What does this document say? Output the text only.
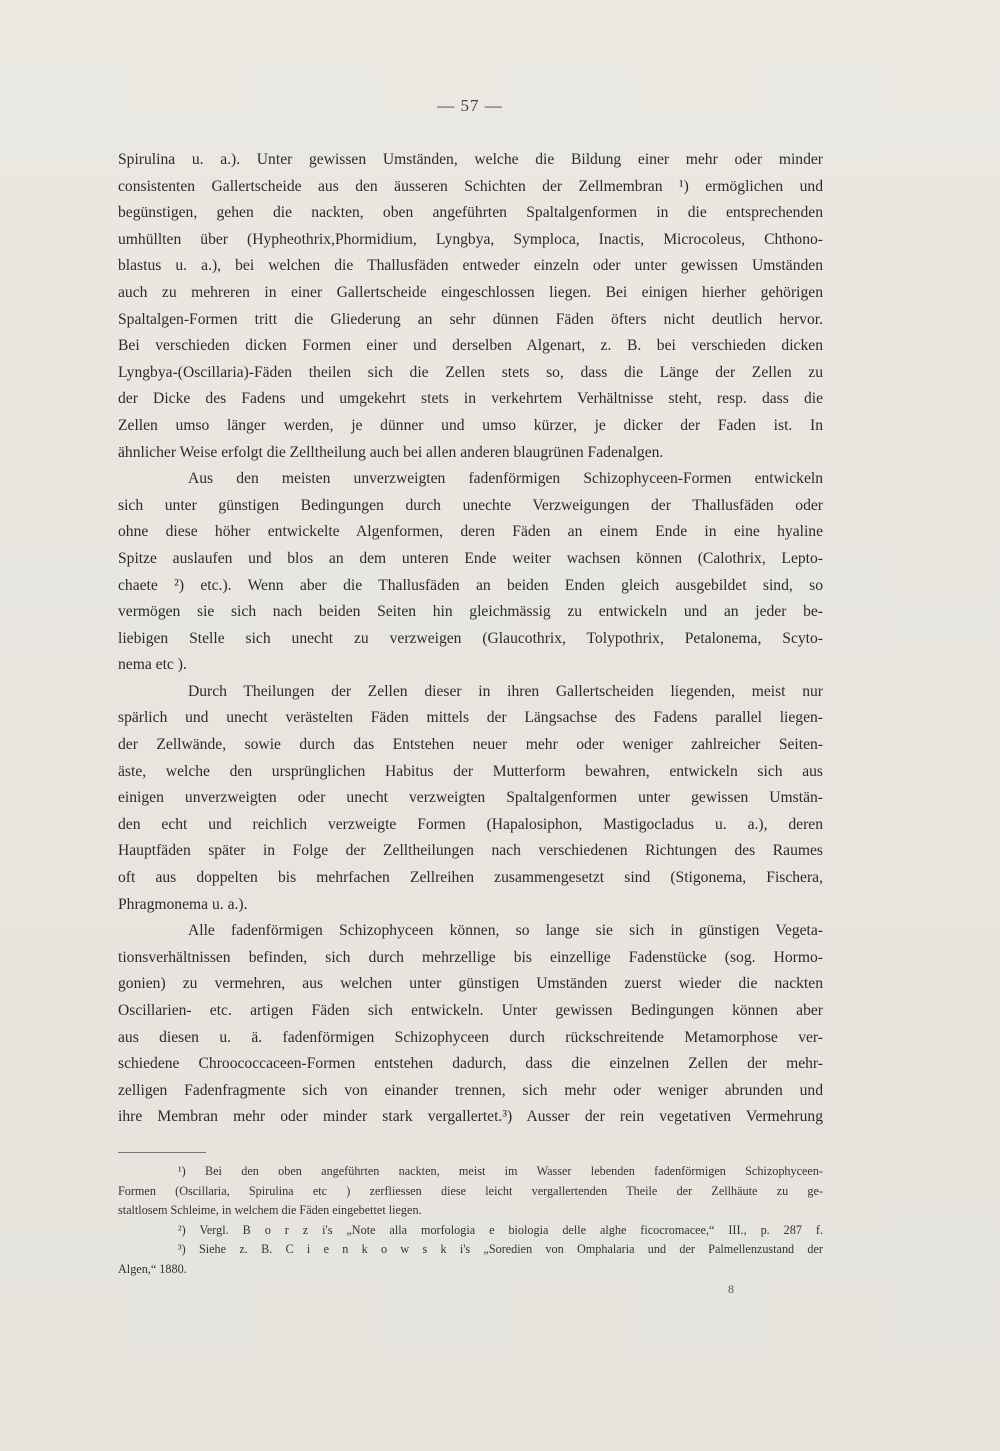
— 57 —
Spirulina u. a.). Unter gewissen Umständen, welche die Bildung einer mehr oder minder
consistenten Gallertscheide aus den äusseren Schichten der Zellmembran ¹) ermöglichen und
begünstigen, gehen die nackten, oben angeführten Spaltalgenformen in die entsprechenden
umhüllten über (Hypheothrix,Phormidium, Lyngbya, Symploca, Inactis, Microcoleus, Chthono-
blastus u. a.), bei welchen die Thallusfäden entweder einzeln oder unter gewissen Umständen
auch zu mehreren in einer Gallertscheide eingeschlossen liegen. Bei einigen hierher gehörigen
Spaltalgen-Formen tritt die Gliederung an sehr dünnen Fäden öfters nicht deutlich hervor.
Bei verschieden dicken Formen einer und derselben Algenart, z. B. bei verschieden dicken
Lyngbya-(Oscillaria)-Fäden theilen sich die Zellen stets so, dass die Länge der Zellen zu
der Dicke des Fadens und umgekehrt stets in verkehrtem Verhältnisse steht, resp. dass die
Zellen umso länger werden, je dünner und umso kürzer, je dicker der Faden ist. In
ähnlicher Weise erfolgt die Zelltheilung auch bei allen anderen blaugrünen Fadenalgen.
Aus den meisten unverzweigten fadenförmigen Schizophyceen-Formen entwickeln
sich unter günstigen Bedingungen durch unechte Verzweigungen der Thallusfäden oder
ohne diese höher entwickelte Algenformen, deren Fäden an einem Ende in eine hyaline
Spitze auslaufen und blos an dem unteren Ende weiter wachsen können (Calothrix, Lepto-
chaete ²) etc.). Wenn aber die Thallusfäden an beiden Enden gleich ausgebildet sind, so
vermögen sie sich nach beiden Seiten hin gleichmässig zu entwickeln und an jeder be-
liebigen Stelle sich unecht zu verzweigen (Glaucothrix, Tolypothrix, Petalonema, Scyto-
nema etc ).
Durch Theilungen der Zellen dieser in ihren Gallertscheiden liegenden, meist nur
spärlich und unecht verästelten Fäden mittels der Längsachse des Fadens parallel liegen-
der Zellwände, sowie durch das Entstehen neuer mehr oder weniger zahlreicher Seiten-
äste, welche den ursprünglichen Habitus der Mutterform bewahren, entwickeln sich aus
einigen unverzweigten oder unecht verzweigten Spaltalgenformen unter gewissen Umstän-
den echt und reichlich verzweigte Formen (Hapalosiphon, Mastigocladus u. a.), deren
Hauptfäden später in Folge der Zelltheilungen nach verschiedenen Richtungen des Raumes
oft aus doppelten bis mehrfachen Zellreihen zusammengesetzt sind (Stigonema, Fischera,
Phragmonema u. a.).
Alle fadenförmigen Schizophyceen können, so lange sie sich in günstigen Vegeta-
tionsverhältnissen befinden, sich durch mehrzellige bis einzellige Fadenstücke (sog. Hormo-
gonien) zu vermehren, aus welchen unter günstigen Umständen zuerst wieder die nackten
Oscillarien- etc. artigen Fäden sich entwickeln. Unter gewissen Bedingungen können aber
aus diesen u. ä. fadenförmigen Schizophyceen durch rückschreitende Metamorphose ver-
schiedene Chroococcaceen-Formen entstehen dadurch, dass die einzelnen Zellen der mehr-
zelligen Fadenfragmente sich von einander trennen, sich mehr oder weniger abrunden und
ihre Membran mehr oder minder stark vergallertet.³) Ausser der rein vegetativen Vermehrung
¹) Bei den oben angeführten nackten, meist im Wasser lebenden fadenförmigen Schizophyceen-
Formen (Oscillaria, Spirulina etc ) zerfliessen diese leicht vergallertenden Theile der Zellhäute zu ge-
staltlosem Schleime, in welchem die Fäden eingebettet liegen.
²) Vergl. B o r z i's „Note alla morfologia e biologia delle alghe ficocromacee,“ III., p. 287 f.
³) Siehe z. B. C i e n k o w s k i's „Soredien von Omphalaria und der Palmellenzustand der
Algen,“ 1880.
8
